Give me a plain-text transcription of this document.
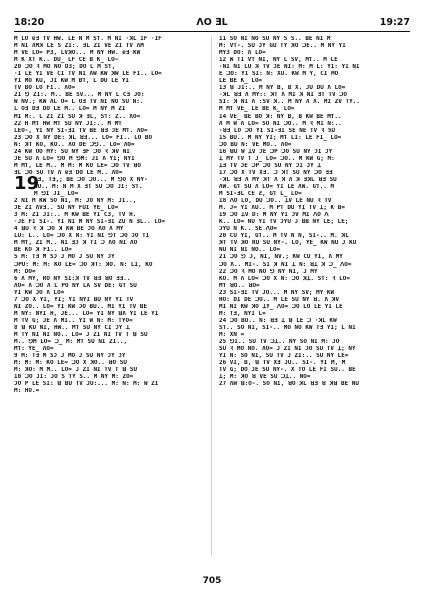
18:20	ɅO ƎL	19:27
M LO ɐƎ TV HW. LE N M SƬ. M NI ·ꓘL IF ·IF
M NI ɅMꓘ LE S ZI:. ƎL ZI VE ZI TV ɅM
M VE LO= P3, LVꓘO... M NY HW. ɐƎ KW
M K XT K.. DU_ LF CE B K_ LO–
20 ꓛO Ꝛ MO NO D3; DO L M SƬ,
·I LE YI VE CI TV NI ɅW KW ꓘW LE FI.. LO=
YI MO KU, JI KW M BƬ, L DU LE YI
TV BO LO FI.. ɅO=
21 ꓨ ZI:. M.. BE SV... M NY L CƎ JO:
W NV.; KW ɅL O= L OƎ TV NI NO SU N:.
L OƎ DƎ DO LE M.. LO= M NY M ZI
MI M:. L ZI ZI SU ꓘ ƎL, SƬ: Z.. ɅO=
22 H MƬ HW MƬ SU NY JI:.. M MƬ
LEO-, YI NY SI-ƎI TV BE ꓤƎ ƆE MƬ. ɅO=
23 ꓛO X NY DE: ꓘL ꓤƎ... LO= FI.. LO BO
N: ꓘT KO, KO.. ɅO DE ꓛꓨ.. LO= ɅO=
24 KW OO MY: SU NY ƎF ꓛO Ꝛ ꓘV NI
ƆE SU Ʌ LO= ꓨO M ꓨM: JI Ʌ YI; NYI
M MƬ, LE M.. M M: M KO LE= ꓛO TV ꓤO
ƎL ꓛO SU TV Ʌ ɐƎ DO LE M.. ɅO=
19
TƎ, TƎ,; BE ꓛO ꓛO... M ꓨO X NY-
WU.. M: N M X ƎT SU ꓛO JI: SƬ.
M ꓨI JI_ LO=
2 NI M KW SO NI, M: JO NY M: JI..,
ƆE ZI ɅVƎ.. SU NY FUI YE_ LO=
3 M: ZI JI:.. M KW BE YI C3, TV H.
·JE FI SI-. YI NI M NY SI-ƎI ZU N ƎL.. LO=
4 ꓭU Ꝛ ꓘ ꓛO ꓘ KW BE ƆO ɅO Ʌ MY
LU: L.. LO= ꓛO X N: YI NI ꓨT ꓛO ƆO TI
M MƬ, ZI M.. NI ƎƆ ꓘ TI ꓛ ɅO NI ɅO
BE KO ꓘ FI.. LO=
5 M: TƎ M SƆ J MO J SU NY ƆY
ꓛPU: M: M: KO LE= ꓛO ꓘT: ꓘO. N: LI, KO
M: DO=
6 Ʌ MY, RO NY SI:ꓘ TV ꓤƎ ꓤO ƎƎ..
ɅO= Ʌ ꓛO Ʌ L PO NY LA SV DE: GƬ SU
YI KW ƆO Ʌ LO=
7 ꓛO X YI, YI; YI NYI BU NY YI TV
NI ZO.. LO= YI KW ƆO BU.. MI YI TV BE
M NY: NYI H, JE... LO= YI NY ꓭɅ YI LE YI
M TV G; JE Ʌ MI.. YI W N: M: TYO=
8 ꓭ KU NI, HW.. MƬ SU NY CI ƆY ꓕ
M TY NI NI NO.. LO= J ZI NI TV T ꓭ SU
M.. ꓨM LO= ꓛ_ M: MƬ SU NI ZI..,
MƬ: YE_ ɅO=
9 M: TƎ M SƆ J MO J SU NY ƆY ƆY
M: M: M: KO LE= ꓛO X ꓘO.. ꓤO SU
M: ꓘO: M M.. LO= J ZI NI TV T ꓭ SU
10 ꓛO JI: JO S TY S.. M NY M: ZO=
ƆO P LE SI: ꓭ BU TV JU:... M: N: M: W ZI
M: HO.=
11 SO NI NO SU NY S S.. BE NI M
M: VƬ-. SU ƆY GU TY ꓘO ꓛE.. M NY YI
MY3 DO: Ʌ LO=
12 W TI VƬ NI, NY L SV, MƬ.. M LE
·NI NI LU ꓘ TV ƆE NI: M: M L: YI: YI NI
E ꓛO: YI SI: N: XU. KW M Y, CI MO
LE BE K_ LO=
13 ꓭ JI:.. M NY B, B X. JU DU Ʌ LO=
·ꓘL ꓤƎ Ʌ MY:: ꓘT Ʌ MI ꓘ NI ƎT TV ꓛO
SI: ꓘ NI Ʌ :SV ꓘ.. M NY Ʌ Ʌ. MI ZV TY..
M MƬ VE_ LE BE K_ LO=
14 VE_ BE BO ꓘ: NY B, B KW BE MƬ..
Ʌ M W Ʌ LO= SO NI ꓛO.. M Ꝛ MI N:..
·ꓤƎ LO ꓛO YI SI-ƎI SE NE TV Ꝛ SU
15 BU.. M NY YI; MƬ LI: LE FI_ LO=
ꓛO BU N: VE MO.. ɅO=
16 ꓭU W ꓕV ƆE ꓛP ꓛO SU NY ƆI ƆY
ꓕ MY TV T J_ LO= ꓛO.. M KW G; M:
ꓕƎ TV ƆE ꓛP ꓛO SU NY ƆI ƆY ꓕ
17 ꓛO X TV XƎ. ꓛ ꓘT SU NY ꓛO ƎƎ
·ꓘL ꓤƎ Ʌ MY ꓘT Ʌ ꓘ Ʌ ꓘ ƎꓘL ꓤƎ SU
ɅW. GƬ SU Ʌ LO= YI LE ɅW. GƬ.. M
M SI-ƎL CE Ƨ, GƬ L_ LO=
18 ꓥO LO, DU ꓛO.. ꓕV LE NU Ꝛ TV
M. J= YI ɅU.. M PƬ DU YI TV ꓕ; K B=
19 ꓛO ꓕV D: M NY YI ƆV MI ꓥO ꓥ
K.. LO= NU YI TV ƆYU J BB NY LE; LE;
ƆYU N K.. SE ꓥO=
20 CU YI, GƬ.. M TV N N, SI-.. M. ꓘL
ꓘT TV ꓘO RU SU NY-. LO, YE_ KW NU J KU
NU NI NI NO.. LO=
21 ꓛO ꓨ J, NI, NV.; KW CU YI, Ʌ MY
ꓛO Ʌ.. MI-. SI ꓘ NI ꓕ N: ꓤꓕ ꓘ ꓛ_ ꓥO=
22 ꓛO Ꝛ MO NO ꓨ NY NI, J MY
KO. M Ʌ LO= ꓛO X N: ꓛO ꓘꓕ. SƬ: Ꝛ LO=
MƬ ꓤO.. ꓤO=
23 SI-ƎI TV JO... M NY SV; MY KW
HO: DI DE ꓛO.. M LE SU NY ꓤ. Ʌ ꓘV
MI NI KW ꓘO ꓕY_ ꓥO= ꓛO LO LE YI LE
M: TƎ, NYI L=
24 ꓛO BU.. N: ꓤƎ ꓕ ꓭ LE ꓛ ·ꓘL KW
SƬ.. SO NI, SI-.. MO NO KW TƎ YI; L NI
M: XN =
25 ꓨI.. SU TV ꓛꓕ.. NY SO NI M: JO
SU Ꝛ MO NO. ɅO= J ZI NI ƆO SU TV ꓕ; NY
YI N: SO NI, SU TV J ZI:.. SU NY LE=
26 VI, B, ꓭ TV XƎ JU.. SI-. YI M, M
TV G; DO JE SU NY-. X TO LE FI SU.. BE
ꓕ; M: ꓘO ꓤ VE SU ꓛꓕ.. NO=
27 ɅW ꓭ:O-. SO NI, ꓤO ꓘL ꓤƎ ꓤ ꓘꓤ BE NU
705
